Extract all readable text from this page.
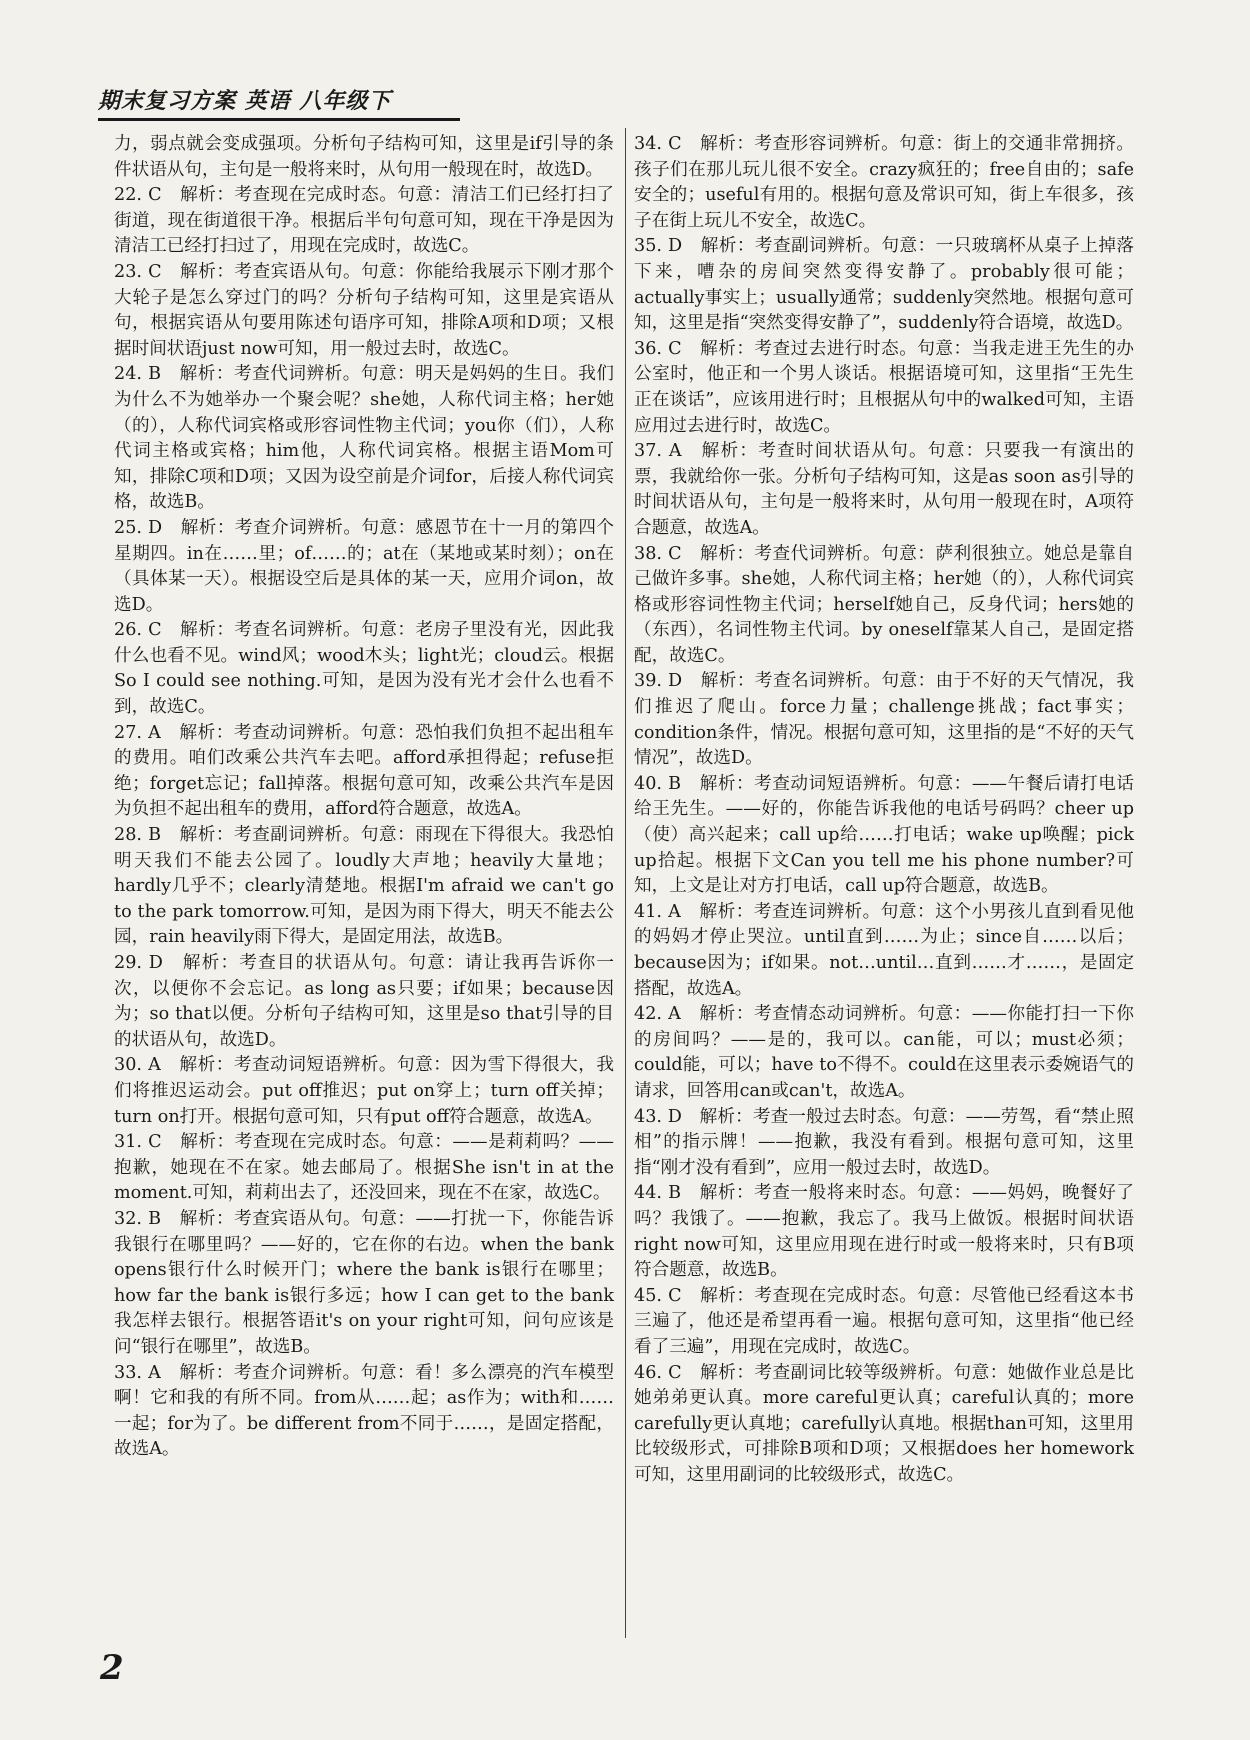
期末复习方案 英语 八年级下

力，弱点就会变成强项。分析句子结构可知，这里是if引导的条件状语从句，主句是一般将来时，从句用一般现在时，故选D。

22. C　解析：考查现在完成时态。句意：清洁工们已经打扫了街道，现在街道很干净。根据后半句句意可知，现在干净是因为清洁工已经打扫过了，用现在完成时，故选C。

23. C　解析：考查宾语从句。句意：你能给我展示下刚才那个大轮子是怎么穿过门的吗？分析句子结构可知，这里是宾语从句，根据宾语从句要用陈述句语序可知，排除A项和D项；又根据时间状语just now可知，用一般过去时，故选C。

24. B　解析：考查代词辨析。句意：明天是妈妈的生日。我们为什么不为她举办一个聚会呢？she她，人称代词主格；her她（的），人称代词宾格或形容词性物主代词；you你（们），人称代词主格或宾格；him他，人称代词宾格。根据主语Mom可知，排除C项和D项；又因为设空前是介词for，后接人称代词宾格，故选B。

25. D　解析：考查介词辨析。句意：感恩节在十一月的第四个星期四。in在……里；of……的；at在（某地或某时刻）；on在（具体某一天）。根据设空后是具体的某一天，应用介词on，故选D。

26. C　解析：考查名词辨析。句意：老房子里没有光，因此我什么也看不见。wind风；wood木头；light光；cloud云。根据So I could see nothing.可知，是因为没有光才会什么也看不到，故选C。

27. A　解析：考查动词辨析。句意：恐怕我们负担不起出租车的费用。咱们改乘公共汽车去吧。afford承担得起；refuse拒绝；forget忘记；fall掉落。根据句意可知，改乘公共汽车是因为负担不起出租车的费用，afford符合题意，故选A。

28. B　解析：考查副词辨析。句意：雨现在下得很大。我恐怕明天我们不能去公园了。loudly大声地；heavily大量地；hardly几乎不；clearly清楚地。根据I'm afraid we can't go to the park tomorrow.可知，是因为雨下得大，明天不能去公园，rain heavily雨下得大，是固定用法，故选B。

29. D　解析：考查目的状语从句。句意：请让我再告诉你一次，以便你不会忘记。as long as只要；if如果；because因为；so that以便。分析句子结构可知，这里是so that引导的目的状语从句，故选D。

30. A　解析：考查动词短语辨析。句意：因为雪下得很大，我们将推迟运动会。put off推迟；put on穿上；turn off关掉；turn on打开。根据句意可知，只有put off符合题意，故选A。

31. C　解析：考查现在完成时态。句意：——是莉莉吗？——抱歉，她现在不在家。她去邮局了。根据She isn't in at the moment.可知，莉莉出去了，还没回来，现在不在家，故选C。

32. B　解析：考查宾语从句。句意：——打扰一下，你能告诉我银行在哪里吗？——好的，它在你的右边。when the bank opens银行什么时候开门；where the bank is银行在哪里；how far the bank is银行多远；how I can get to the bank我怎样去银行。根据答语it's on your right可知，问句应该是问“银行在哪里”，故选B。

33. A　解析：考查介词辨析。句意：看！多么漂亮的汽车模型啊！它和我的有所不同。from从……起；as作为；with和……一起；for为了。be different from不同于……，是固定搭配，故选A。

34. C　解析：考查形容词辨析。句意：街上的交通非常拥挤。孩子们在那儿玩儿很不安全。crazy疯狂的；free自由的；safe安全的；useful有用的。根据句意及常识可知，街上车很多，孩子在街上玩儿不安全，故选C。

35. D　解析：考查副词辨析。句意：一只玻璃杯从桌子上掉落下来，嘈杂的房间突然变得安静了。probably很可能；actually事实上；usually通常；suddenly突然地。根据句意可知，这里是指“突然变得安静了”，suddenly符合语境，故选D。

36. C　解析：考查过去进行时态。句意：当我走进王先生的办公室时，他正和一个男人谈话。根据语境可知，这里指“王先生正在谈话”，应该用进行时；且根据从句中的walked可知，主语应用过去进行时，故选C。

37. A　解析：考查时间状语从句。句意：只要我一有演出的票，我就给你一张。分析句子结构可知，这是as soon as引导的时间状语从句，主句是一般将来时，从句用一般现在时，A项符合题意，故选A。

38. C　解析：考查代词辨析。句意：萨利很独立。她总是靠自己做许多事。she她，人称代词主格；her她（的），人称代词宾格或形容词性物主代词；herself她自己，反身代词；hers她的（东西），名词性物主代词。by oneself靠某人自己，是固定搭配，故选C。

39. D　解析：考查名词辨析。句意：由于不好的天气情况，我们推迟了爬山。force力量；challenge挑战；fact事实；condition条件，情况。根据句意可知，这里指的是“不好的天气情况”，故选D。

40. B　解析：考查动词短语辨析。句意：——午餐后请打电话给王先生。——好的，你能告诉我他的电话号码吗？cheer up（使）高兴起来；call up给……打电话；wake up唤醒；pick up拾起。根据下文Can you tell me his phone number?可知，上文是让对方打电话，call up符合题意，故选B。

41. A　解析：考查连词辨析。句意：这个小男孩儿直到看见他的妈妈才停止哭泣。until直到……为止；since自……以后；because因为；if如果。not…until…直到……才……，是固定搭配，故选A。

42. A　解析：考查情态动词辨析。句意：——你能打扫一下你的房间吗？——是的，我可以。can能，可以；must必须；could能，可以；have to不得不。could在这里表示委婉语气的请求，回答用can或can't，故选A。

43. D　解析：考查一般过去时态。句意：——劳驾，看“禁止照相”的指示牌！——抱歉，我没有看到。根据句意可知，这里指“刚才没有看到”，应用一般过去时，故选D。

44. B　解析：考查一般将来时态。句意：——妈妈，晚餐好了吗？我饿了。——抱歉，我忘了。我马上做饭。根据时间状语right now可知，这里应用现在进行时或一般将来时，只有B项符合题意，故选B。

45. C　解析：考查现在完成时态。句意：尽管他已经看这本书三遍了，他还是希望再看一遍。根据句意可知，这里指“他已经看了三遍”，用现在完成时，故选C。

46. C　解析：考查副词比较等级辨析。句意：她做作业总是比她弟弟更认真。more careful更认真；careful认真的；more carefully更认真地；carefully认真地。根据than可知，这里用比较级形式，可排除B项和D项；又根据does her homework可知，这里用副词的比较级形式，故选C。

2
